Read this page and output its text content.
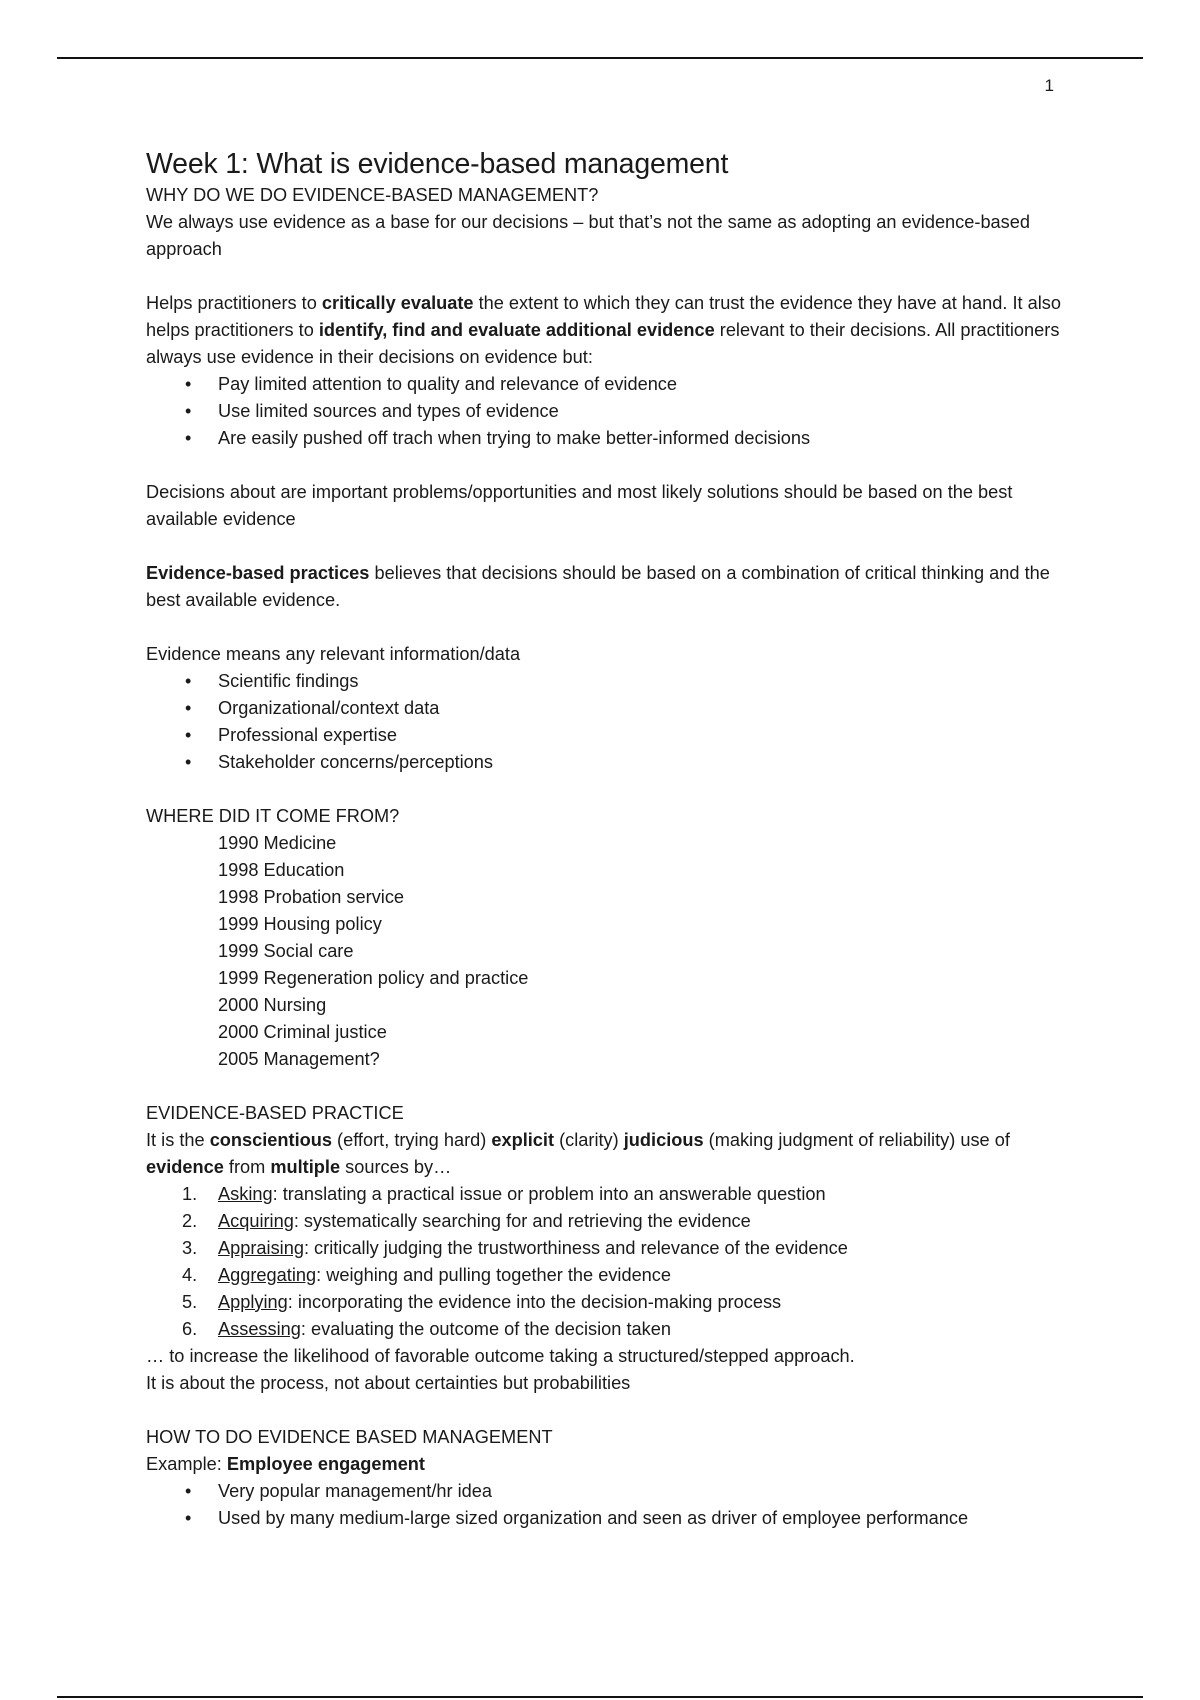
1
Week 1: What is evidence-based management

WHY DO WE DO EVIDENCE-BASED MANAGEMENT?

We always use evidence as a base for our decisions – but that’s not the same as adopting an evidence-based approach

Helps practitioners to critically evaluate the extent to which they can trust the evidence they have at hand. It also helps practitioners to identify, find and evaluate additional evidence relevant to their decisions. All practitioners always use evidence in their decisions on evidence but:

• Pay limited attention to quality and relevance of evidence
• Use limited sources and types of evidence
• Are easily pushed off trach when trying to make better-informed decisions

Decisions about are important problems/opportunities and most likely solutions should be based on the best available evidence

Evidence-based practices believes that decisions should be based on a combination of critical thinking and the best available evidence.

Evidence means any relevant information/data

• Scientific findings
• Organizational/context data
• Professional expertise
• Stakeholder concerns/perceptions

WHERE DID IT COME FROM?

1990 Medicine
1998 Education
1998 Probation service
1999 Housing policy
1999 Social care
1999 Regeneration policy and practice
2000 Nursing
2000 Criminal justice
2005 Management?

EVIDENCE-BASED PRACTICE

It is the conscientious (effort, trying hard) explicit (clarity) judicious (making judgment of reliability) use of evidence from multiple sources by…

1. Asking: translating a practical issue or problem into an answerable question
2. Acquiring: systematically searching for and retrieving the evidence
3. Appraising: critically judging the trustworthiness and relevance of the evidence
4. Aggregating: weighing and pulling together the evidence
5. Applying: incorporating the evidence into the decision-making process
6. Assessing: evaluating the outcome of the decision taken

… to increase the likelihood of favorable outcome taking a structured/stepped approach.

It is about the process, not about certainties but probabilities

HOW TO DO EVIDENCE BASED MANAGEMENT

Example: Employee engagement

• Very popular management/hr idea
• Used by many medium-large sized organization and seen as driver of employee performance
